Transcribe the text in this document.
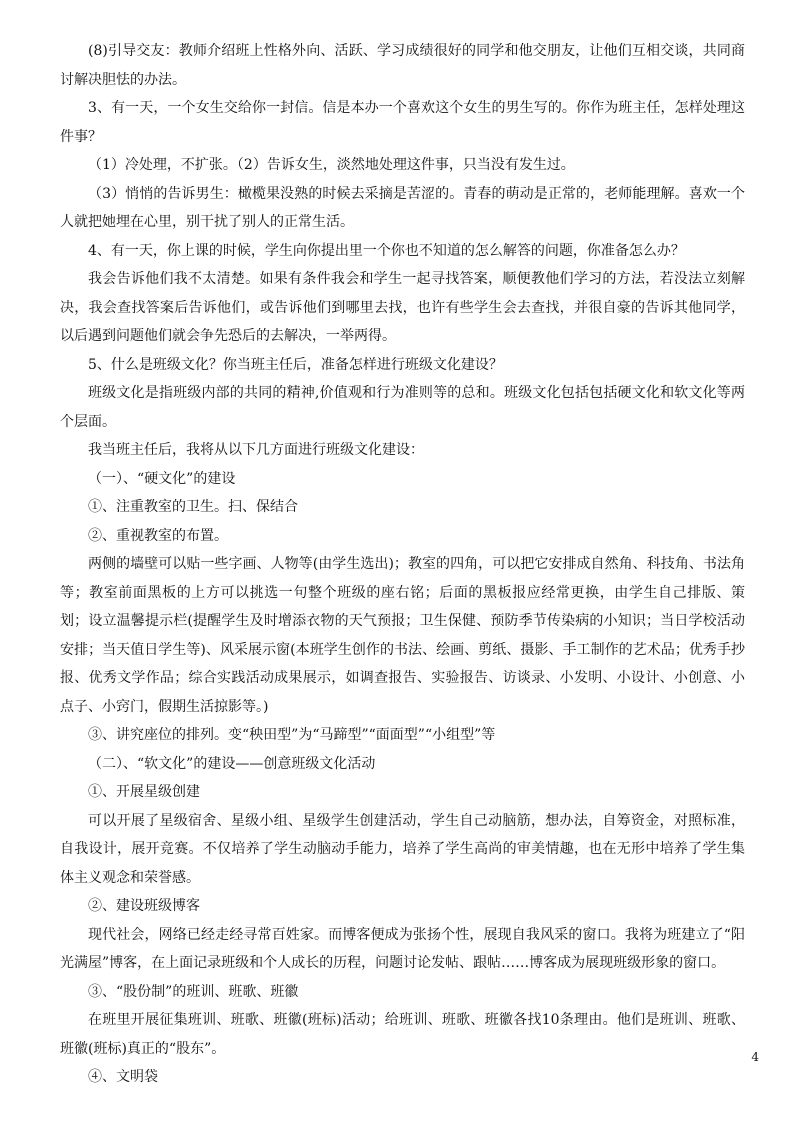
(8)引导交友：教师介绍班上性格外向、活跃、学习成绩很好的同学和他交朋友，让他们互相交谈，共同商讨解决胆怯的办法。

3、有一天，一个女生交给你一封信。信是本办一个喜欢这个女生的男生写的。你作为班主任，怎样处理这件事？

（1）冷处理，不扩张。（2）告诉女生，淡然地处理这件事，只当没有发生过。

（3）悄悄的告诉男生：橄榄果没熟的时候去采摘是苦涩的。青春的萌动是正常的，老师能理解。喜欢一个人就把她埋在心里，别干扰了别人的正常生活。

4、有一天，你上课的时候，学生向你提出里一个你也不知道的怎么解答的问题，你准备怎么办？

我会告诉他们我不太清楚。如果有条件我会和学生一起寻找答案，顺便教他们学习的方法，若没法立刻解决，我会查找答案后告诉他们，或告诉他们到哪里去找，也许有些学生会去查找，并很自豪的告诉其他同学，以后遇到问题他们就会争先恐后的去解决，一举两得。

5、什么是班级文化？你当班主任后，准备怎样进行班级文化建设？

班级文化是指班级内部的共同的精神,价值观和行为准则等的总和。班级文化包括包括硬文化和软文化等两个层面。

我当班主任后，我将从以下几方面进行班级文化建设：

（一）、“硬文化”的建设

①、注重教室的卫生。扫、保结合

②、重视教室的布置。

两侧的墙壁可以贴一些字画、人物等(由学生选出)；教室的四角，可以把它安排成自然角、科技角、书法角等；教室前面黑板的上方可以挑选一句整个班级的座右铭；后面的黑板报应经常更换，由学生自己排版、策划；设立温馨提示栏(提醒学生及时增添衣物的天气预报；卫生保健、预防季节传染病的小知识；当日学校活动安排；当天值日学生等)、风采展示窗(本班学生创作的书法、绘画、剪纸、摄影、手工制作的艺术品；优秀手抄报、优秀文学作品；综合实践活动成果展示，如调查报告、实验报告、访谈录、小发明、小设计、小创意、小点子、小窍门，假期生活掠影等。)

③、讲究座位的排列。变“秧田型”为“马蹄型”“面面型”“小组型”等

（二）、“软文化”的建设——创意班级文化活动

①、开展星级创建

可以开展了星级宿舍、星级小组、星级学生创建活动，学生自己动脑筋，想办法，自筹资金，对照标准，自我设计，展开竞赛。不仅培养了学生动脑动手能力，培养了学生高尚的审美情趣，也在无形中培养了学生集体主义观念和荣誉感。

②、建设班级博客

现代社会，网络已经走经寻常百姓家。而博客便成为张扬个性，展现自我风采的窗口。我将为班建立了“阳光满屋”博客，在上面记录班级和个人成长的历程，问题讨论发帖、跟帖……博客成为展现班级形象的窗口。

③、“股份制”的班训、班歌、班徽

在班里开展征集班训、班歌、班徽(班标)活动；给班训、班歌、班徽各找10条理由。他们是班训、班歌、班徽(班标)真正的“股东”。

④、文明袋

4
